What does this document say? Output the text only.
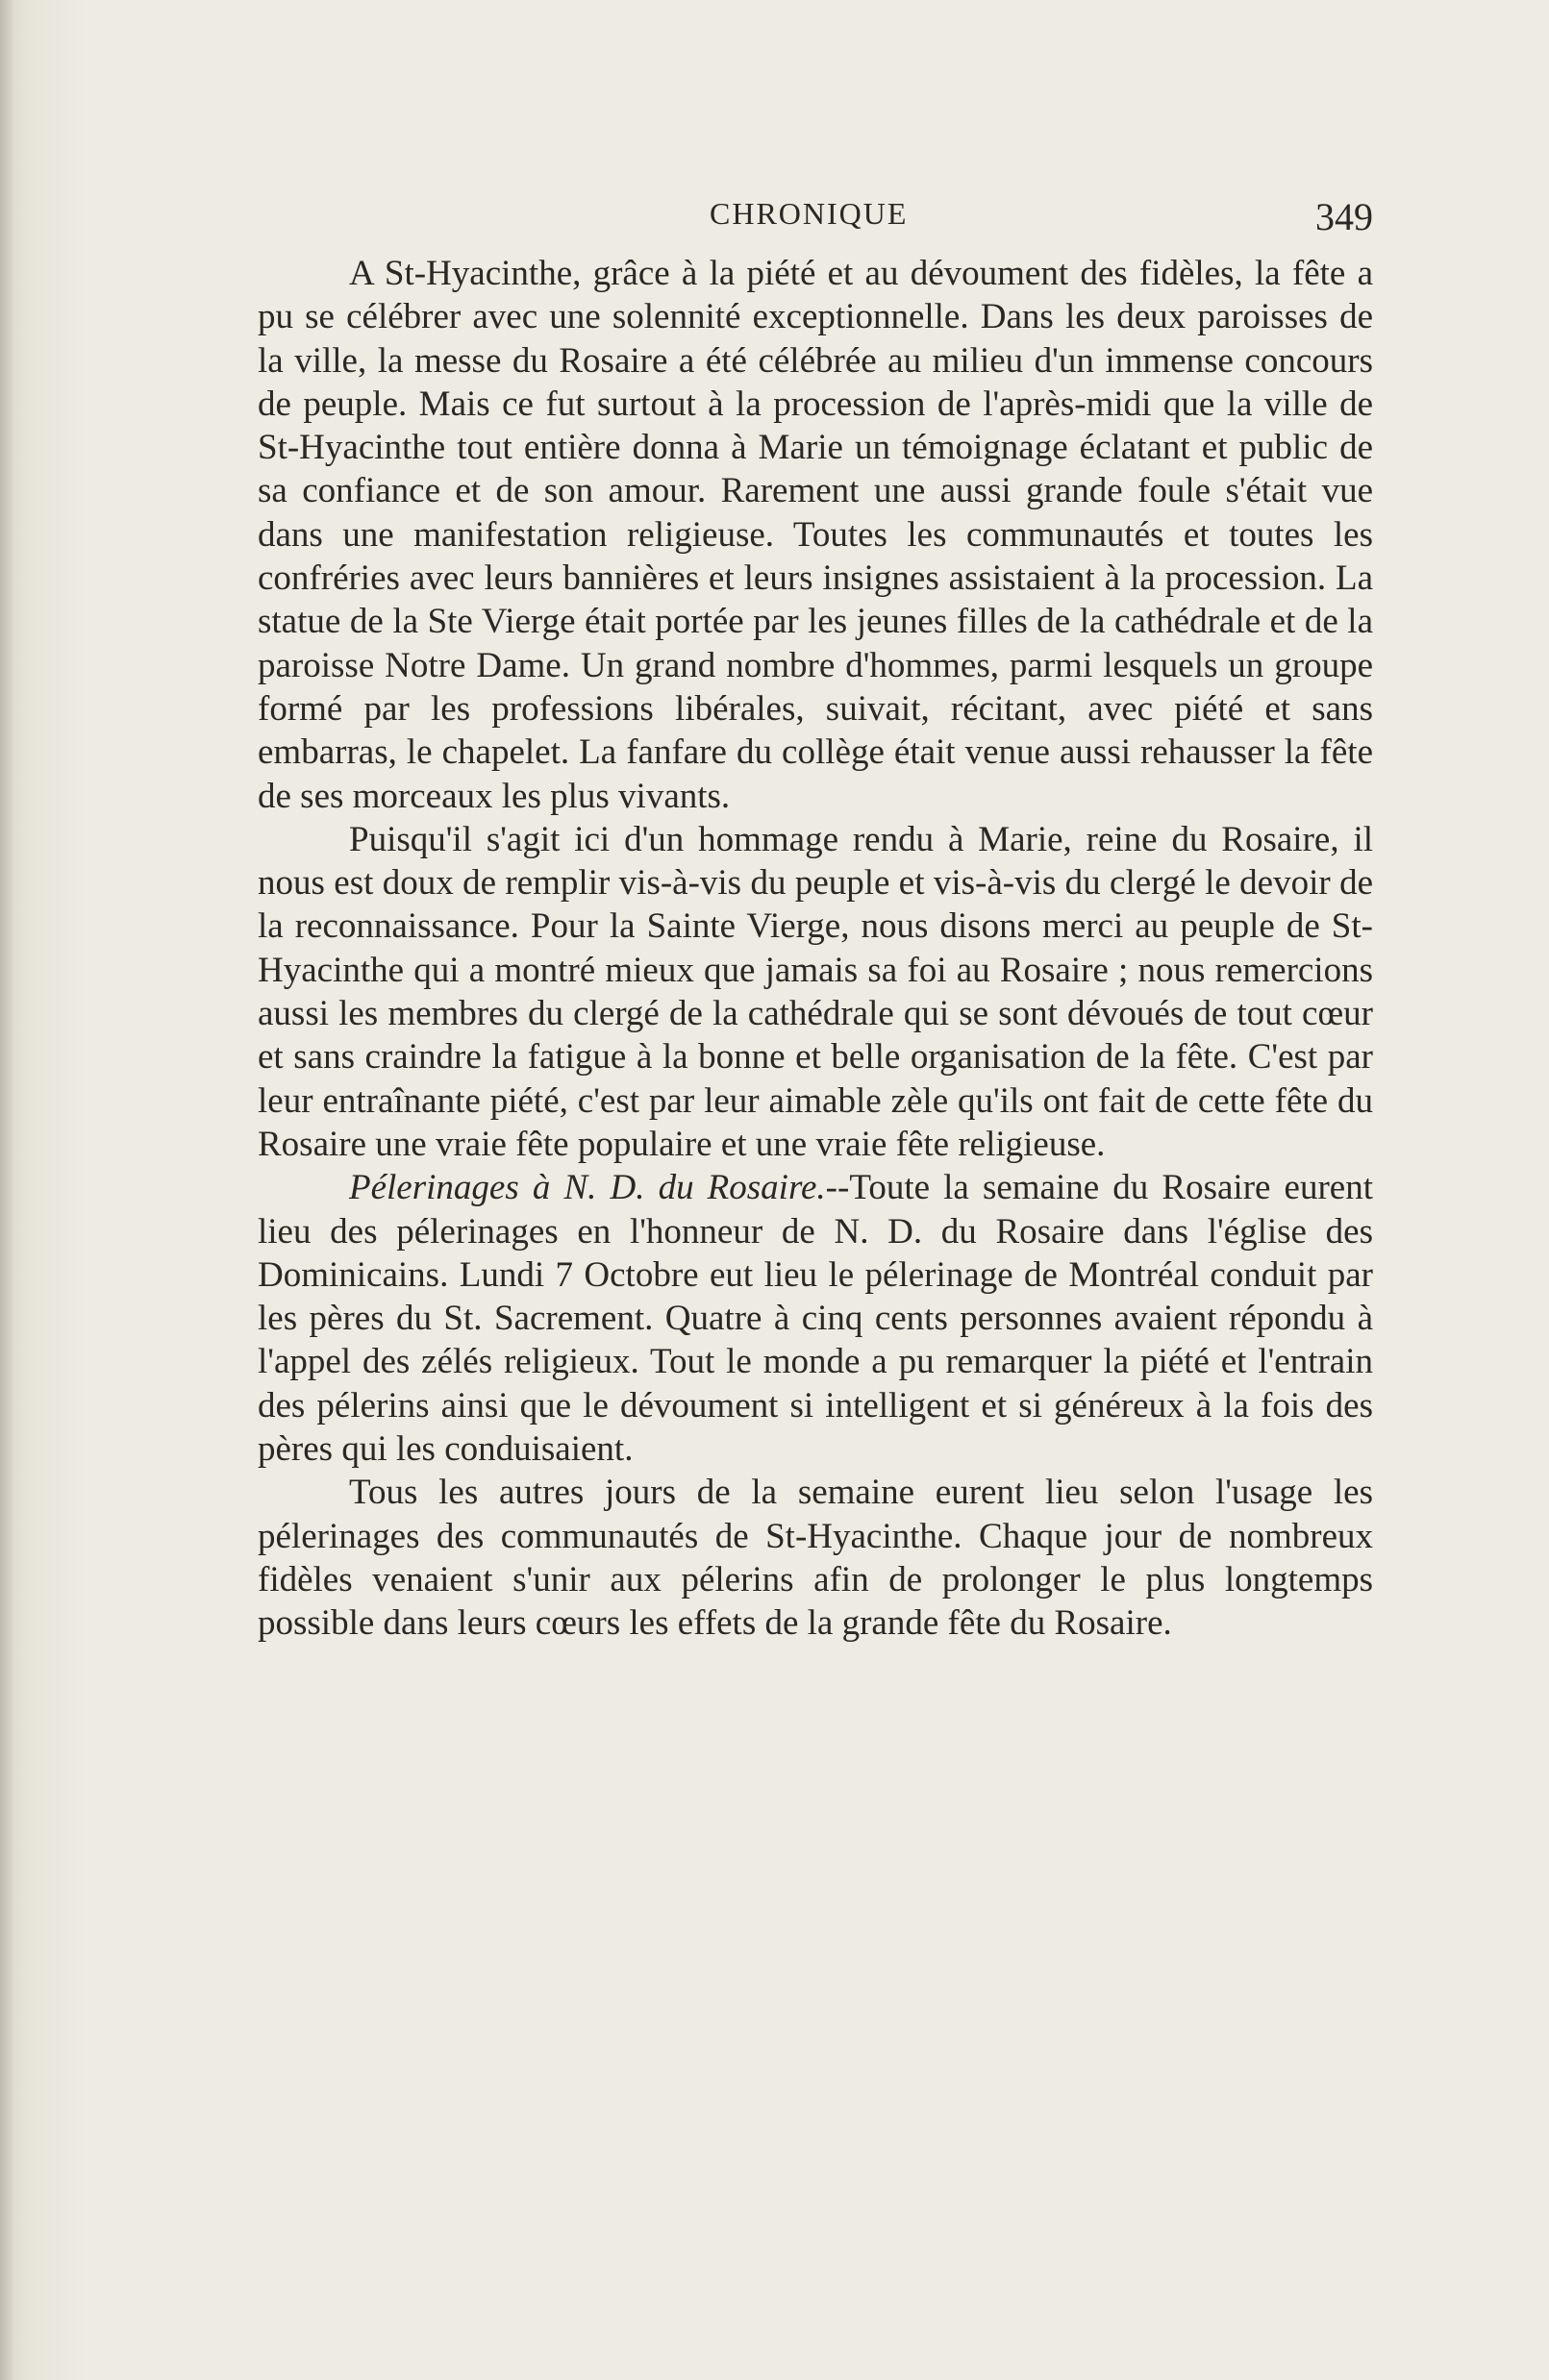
CHRONIQUE	349

A St-Hyacinthe, grâce à la piété et au dévoument des fidèles, la fête a pu se célébrer avec une solennité exceptionnelle. Dans les deux paroisses de la ville, la messe du Rosaire a été célébrée au milieu d'un immense concours de peuple. Mais ce fut surtout à la procession de l'après-midi que la ville de St-Hyacinthe tout entière donna à Marie un témoignage éclatant et public de sa confiance et de son amour. Rarement une aussi grande foule s'était vue dans une manifestation religieuse. Toutes les communautés et toutes les confréries avec leurs bannières et leurs insignes assistaient à la procession. La statue de la Ste Vierge était portée par les jeunes filles de la cathédrale et de la paroisse Notre Dame. Un grand nombre d'hommes, parmi lesquels un groupe formé par les professions libérales, suivait, récitant, avec piété et sans embarras, le chapelet. La fanfare du collège était venue aussi rehausser la fête de ses morceaux les plus vivants.

Puisqu'il s'agit ici d'un hommage rendu à Marie, reine du Rosaire, il nous est doux de remplir vis-à-vis du peuple et vis-à-vis du clergé le devoir de la reconnaissance. Pour la Sainte Vierge, nous disons merci au peuple de St-Hyacinthe qui a montré mieux que jamais sa foi au Rosaire ; nous remercions aussi les membres du clergé de la cathédrale qui se sont dévoués de tout cœur et sans craindre la fatigue à la bonne et belle organisation de la fête. C'est par leur entraînante piété, c'est par leur aimable zèle qu'ils ont fait de cette fête du Rosaire une vraie fête populaire et une vraie fête religieuse.

Pélerinages à N. D. du Rosaire.--Toute la semaine du Rosaire eurent lieu des pélerinages en l'honneur de N. D. du Rosaire dans l'église des Dominicains. Lundi 7 Octobre eut lieu le pélerinage de Montréal conduit par les pères du St. Sacrement. Quatre à cinq cents personnes avaient répondu à l'appel des zélés religieux. Tout le monde a pu remarquer la piété et l'entrain des pélerins ainsi que le dévoument si intelligent et si généreux à la fois des pères qui les conduisaient.

Tous les autres jours de la semaine eurent lieu selon l'usage les pélerinages des communautés de St-Hyacinthe. Chaque jour de nombreux fidèles venaient s'unir aux pélerins afin de prolonger le plus longtemps possible dans leurs cœurs les effets de la grande fête du Rosaire.
